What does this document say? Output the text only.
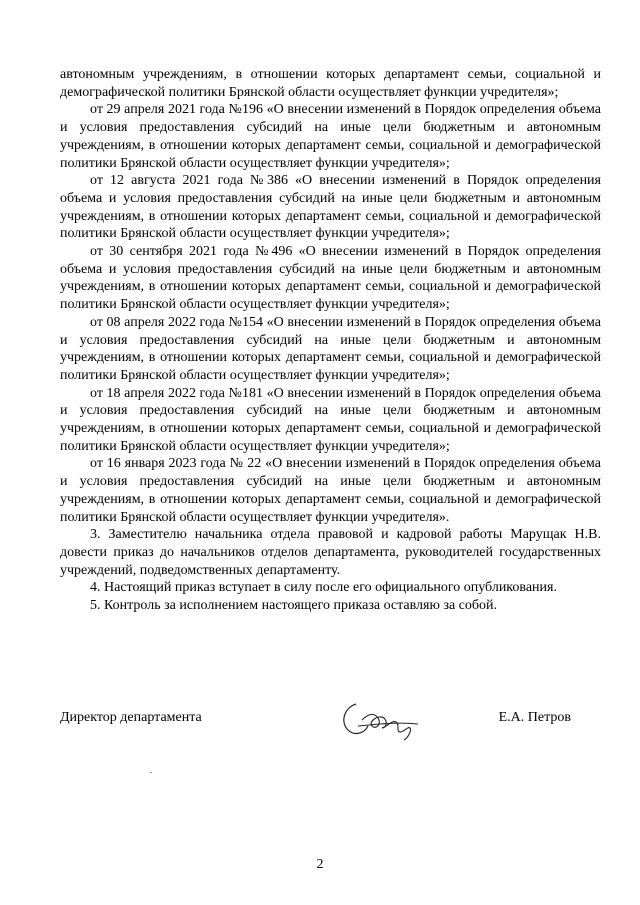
автономным учреждениям, в отношении которых департамент семьи, социальной и демографической политики Брянской области осуществляет функции учредителя»;

от 29 апреля 2021 года №196 «О внесении изменений в Порядок определения объема и условия предоставления субсидий на иные цели бюджетным и автономным учреждениям, в отношении которых департамент семьи, социальной и демографической политики Брянской области осуществляет функции учредителя»;

от 12 августа 2021 года №386 «О внесении изменений в Порядок определения объема и условия предоставления субсидий на иные цели бюджетным и автономным учреждениям, в отношении которых департамент семьи, социальной и демографической политики Брянской области осуществляет функции учредителя»;

от 30 сентября 2021 года №496 «О внесении изменений в Порядок определения объема и условия предоставления субсидий на иные цели бюджетным и автономным учреждениям, в отношении которых департамент семьи, социальной и демографической политики Брянской области осуществляет функции учредителя»;

от 08 апреля 2022 года №154 «О внесении изменений в Порядок определения объема и условия предоставления субсидий на иные цели бюджетным и автономным учреждениям, в отношении которых департамент семьи, социальной и демографической политики Брянской области осуществляет функции учредителя»;

от 18 апреля 2022 года №181 «О внесении изменений в Порядок определения объема и условия предоставления субсидий на иные цели бюджетным и автономным учреждениям, в отношении которых департамент семьи, социальной и демографической политики Брянской области осуществляет функции учредителя»;

от 16 января 2023 года № 22 «О внесении изменений в Порядок определения объема и условия предоставления субсидий на иные цели бюджетным и автономным учреждениям, в отношении которых департамент семьи, социальной и демографической политики Брянской области осуществляет функции учредителя».

3. Заместителю начальника отдела правовой и кадровой работы Марущак Н.В. довести приказ до начальников отделов департамента, руководителей государственных учреждений, подведомственных департаменту.

4. Настоящий приказ вступает в силу после его официального опубликования.

5. Контроль за исполнением настоящего приказа оставляю за собой.

Директор департамента	Е.А. Петров
2
